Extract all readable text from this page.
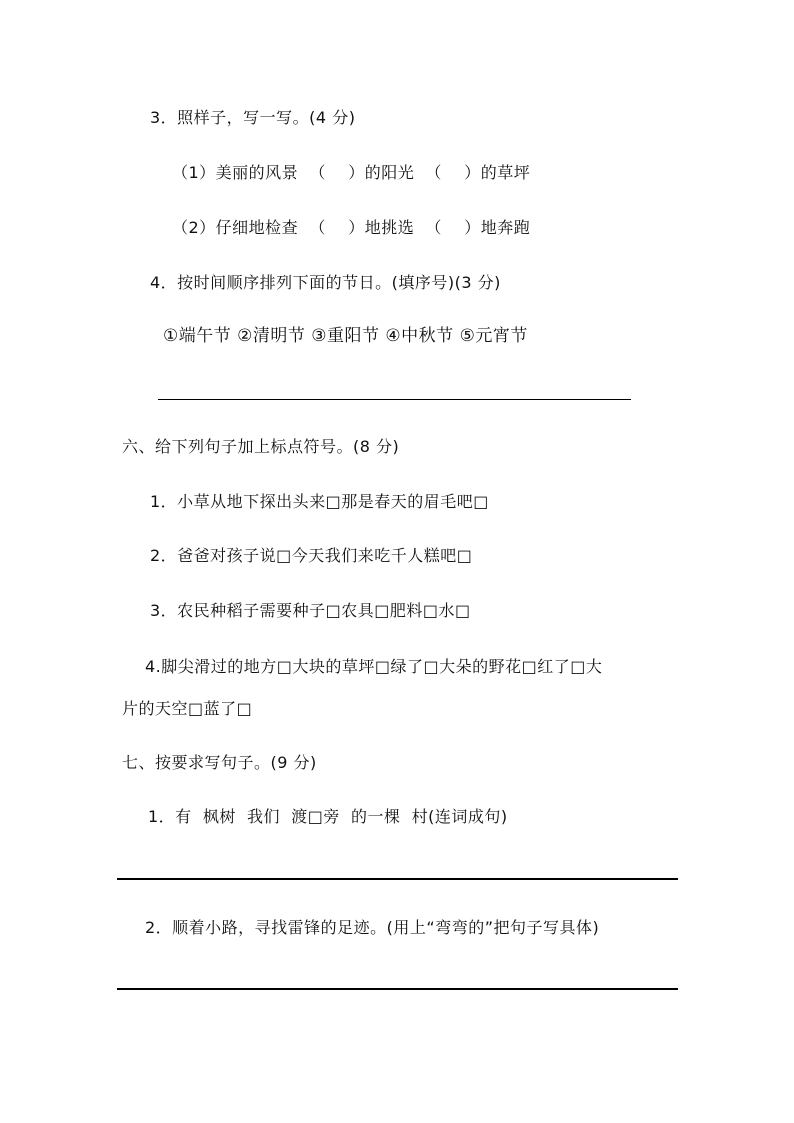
3．照样子，写一写。(4 分)
（1）美丽的风景  （    ）的阳光  （    ）的草坪
（2）仔细地检查  （    ）地挑选  （    ）地奔跑
4．按时间顺序排列下面的节日。(填序号)(3 分)
①端午节 ②清明节 ③重阳节 ④中秋节 ⑤元宵节
六、给下列句子加上标点符号。(8 分)
1．小草从地下探出头来□那是春天的眉毛吧□
2．爸爸对孩子说□今天我们来吃千人糕吧□
3．农民种稻子需要种子□农具□肥料□水□
4.脚尖滑过的地方□大块的草坪□绿了□大朵的野花□红了□大
片的天空□蓝了□
七、按要求写句子。(9 分)
1．有  枫树  我们  渡□旁  的一棵  村(连词成句)
2．顺着小路，寻找雷锋的足迹。(用上“弯弯的”把句子写具体)
